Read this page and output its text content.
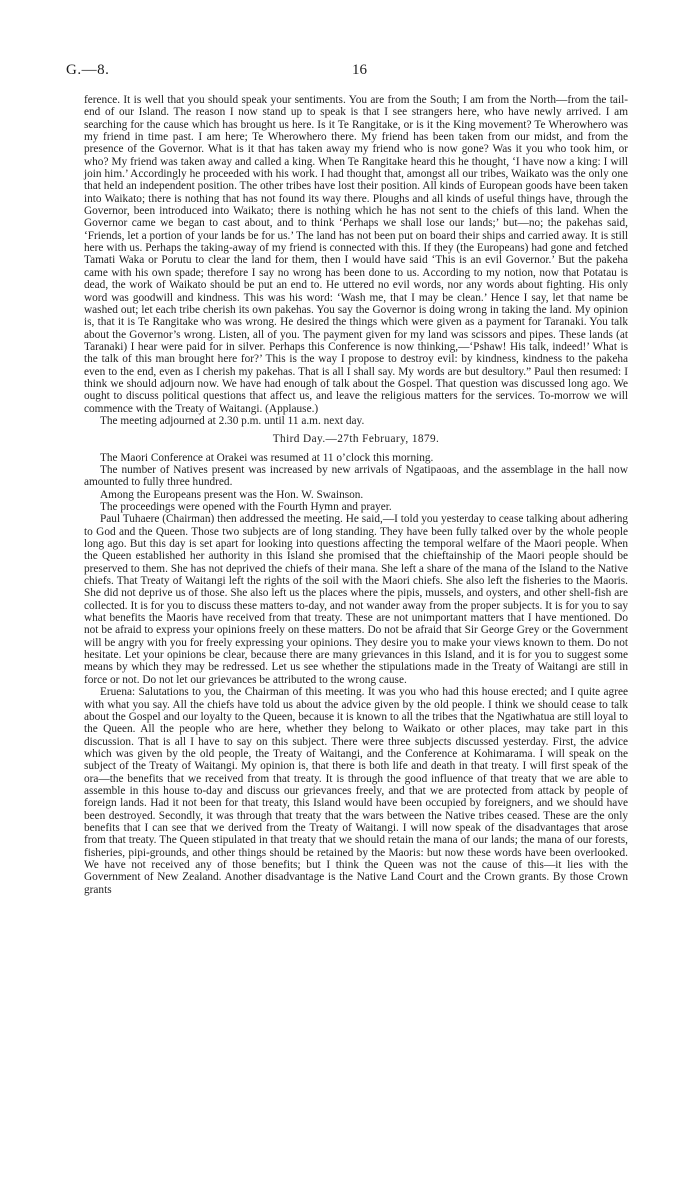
G.—8.	16

ference. It is well that you should speak your sentiments. You are from the South; I am from the North—from the tail-end of our Island. The reason I now stand up to speak is that I see strangers here, who have newly arrived. I am searching for the cause which has brought us here. Is it Te Rangitake, or is it the King movement? Te Wherowhero was my friend in time past. I am here; Te Wherowhero there. My friend has been taken from our midst, and from the presence of the Governor. What is it that has taken away my friend who is now gone? Was it you who took him, or who? My friend was taken away and called a king. When Te Rangitake heard this he thought, ‘I have now a king: I will join him.’ Accordingly he proceeded with his work. I had thought that, amongst all our tribes, Waikato was the only one that held an independent position. The other tribes have lost their position. All kinds of European goods have been taken into Waikato; there is nothing that has not found its way there. Ploughs and all kinds of useful things have, through the Governor, been introduced into Waikato; there is nothing which he has not sent to the chiefs of this land. When the Governor came we began to cast about, and to think ‘Perhaps we shall lose our lands;’ but—no; the pakehas said, ‘Friends, let a portion of your lands be for us.’ The land has not been put on board their ships and carried away. It is still here with us. Perhaps the taking-away of my friend is connected with this. If they (the Europeans) had gone and fetched Tamati Waka or Porutu to clear the land for them, then I would have said ‘This is an evil Governor.’ But the pakeha came with his own spade; therefore I say no wrong has been done to us. According to my notion, now that Potatau is dead, the work of Waikato should be put an end to. He uttered no evil words, nor any words about fighting. His only word was goodwill and kindness. This was his word: ‘Wash me, that I may be clean.’ Hence I say, let that name be washed out; let each tribe cherish its own pakehas. You say the Governor is doing wrong in taking the land. My opinion is, that it is Te Rangitake who was wrong. He desired the things which were given as a payment for Taranaki. You talk about the Governor’s wrong. Listen, all of you. The payment given for my land was scissors and pipes. These lands (at Taranaki) I hear were paid for in silver. Perhaps this Conference is now thinking,—‘Pshaw! His talk, indeed!’ What is the talk of this man brought here for?’ This is the way I propose to destroy evil: by kindness, kindness to the pakeha even to the end, even as I cherish my pakehas. That is all I shall say. My words are but desultory.” Paul then resumed: I think we should adjourn now. We have had enough of talk about the Gospel. That question was discussed long ago. We ought to discuss political questions that affect us, and leave the religious matters for the services. To-morrow we will commence with the Treaty of Waitangi. (Applause.)

The meeting adjourned at 2.30 p.m. until 11 a.m. next day.

Third Day.—27th February, 1879.

The Maori Conference at Orakei was resumed at 11 o’clock this morning.

The number of Natives present was increased by new arrivals of Ngatipaoas, and the assemblage in the hall now amounted to fully three hundred.

Among the Europeans present was the Hon. W. Swainson.

The proceedings were opened with the Fourth Hymn and prayer.

Paul Tuhaere (Chairman) then addressed the meeting. He said,—I told you yesterday to cease talking about adhering to God and the Queen. Those two subjects are of long standing. They have been fully talked over by the whole people long ago. But this day is set apart for looking into questions affecting the temporal welfare of the Maori people. When the Queen established her authority in this Island she promised that the chieftainship of the Maori people should be preserved to them. She has not deprived the chiefs of their mana. She left a share of the mana of the Island to the Native chiefs. That Treaty of Waitangi left the rights of the soil with the Maori chiefs. She also left the fisheries to the Maoris. She did not deprive us of those. She also left us the places where the pipis, mussels, and oysters, and other shell-fish are collected. It is for you to discuss these matters to-day, and not wander away from the proper subjects. It is for you to say what benefits the Maoris have received from that treaty. These are not unimportant matters that I have mentioned. Do not be afraid to express your opinions freely on these matters. Do not be afraid that Sir George Grey or the Government will be angry with you for freely expressing your opinions. They desire you to make your views known to them. Do not hesitate. Let your opinions be clear, because there are many grievances in this Island, and it is for you to suggest some means by which they may be redressed. Let us see whether the stipulations made in the Treaty of Waitangi are still in force or not. Do not let our grievances be attributed to the wrong cause.

Eruena: Salutations to you, the Chairman of this meeting. It was you who had this house erected; and I quite agree with what you say. All the chiefs have told us about the advice given by the old people. I think we should cease to talk about the Gospel and our loyalty to the Queen, because it is known to all the tribes that the Ngatiwhatua are still loyal to the Queen. All the people who are here, whether they belong to Waikato or other places, may take part in this discussion. That is all I have to say on this subject. There were three subjects discussed yesterday. First, the advice which was given by the old people, the Treaty of Waitangi, and the Conference at Kohimarama. I will speak on the subject of the Treaty of Waitangi. My opinion is, that there is both life and death in that treaty. I will first speak of the ora—the benefits that we received from that treaty. It is through the good influence of that treaty that we are able to assemble in this house to-day and discuss our grievances freely, and that we are protected from attack by people of foreign lands. Had it not been for that treaty, this Island would have been occupied by foreigners, and we should have been destroyed. Secondly, it was through that treaty that the wars between the Native tribes ceased. These are the only benefits that I can see that we derived from the Treaty of Waitangi. I will now speak of the disadvantages that arose from that treaty. The Queen stipulated in that treaty that we should retain the mana of our lands; the mana of our forests, fisheries, pipi-grounds, and other things should be retained by the Maoris: but now these words have been overlooked. We have not received any of those benefits; but I think the Queen was not the cause of this—it lies with the Government of New Zealand. Another disadvantage is the Native Land Court and the Crown grants. By those Crown grants
